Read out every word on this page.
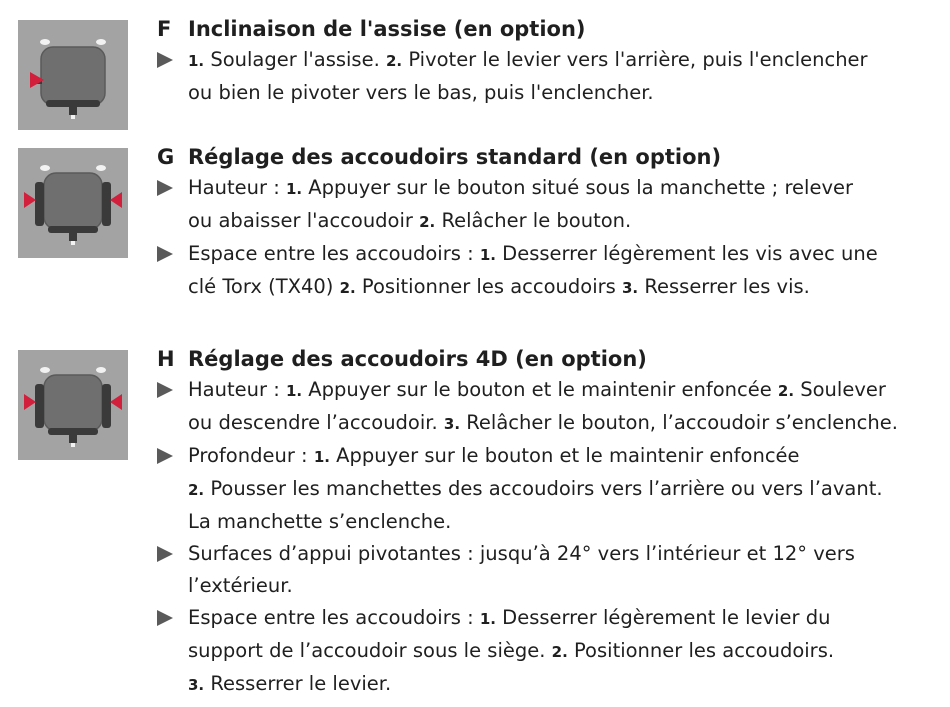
F Inclinaison de l'assise (en option)
1. Soulager l'assise. 2. Pivoter le levier vers l'arrière, puis l'enclencher
ou bien le pivoter vers le bas, puis l'enclencher.
G Réglage des accoudoirs standard (en option)
Hauteur : 1. Appuyer sur le bouton situé sous la manchette ; relever
ou abaisser l'accoudoir 2. Relâcher le bouton.
Espace entre les accoudoirs : 1. Desserrer légèrement les vis avec une
clé Torx (TX40) 2. Positionner les accoudoirs 3. Resserrer les vis.
H Réglage des accoudoirs 4D (en option)
Hauteur : 1. Appuyer sur le bouton et le maintenir enfoncée 2. Soulever
ou descendre l’accoudoir. 3. Relâcher le bouton, l’accoudoir s’enclenche.
Profondeur : 1. Appuyer sur le bouton et le maintenir enfoncée
2. Pousser les manchettes des accoudoirs vers l’arrière ou vers l’avant.
La manchette s’enclenche.
Surfaces d’appui pivotantes : jusqu’à 24° vers l’intérieur et 12° vers
l’extérieur.
Espace entre les accoudoirs : 1. Desserrer légèrement le levier du
support de l’accoudoir sous le siège. 2. Positionner les accoudoirs.
3. Resserrer le levier.
